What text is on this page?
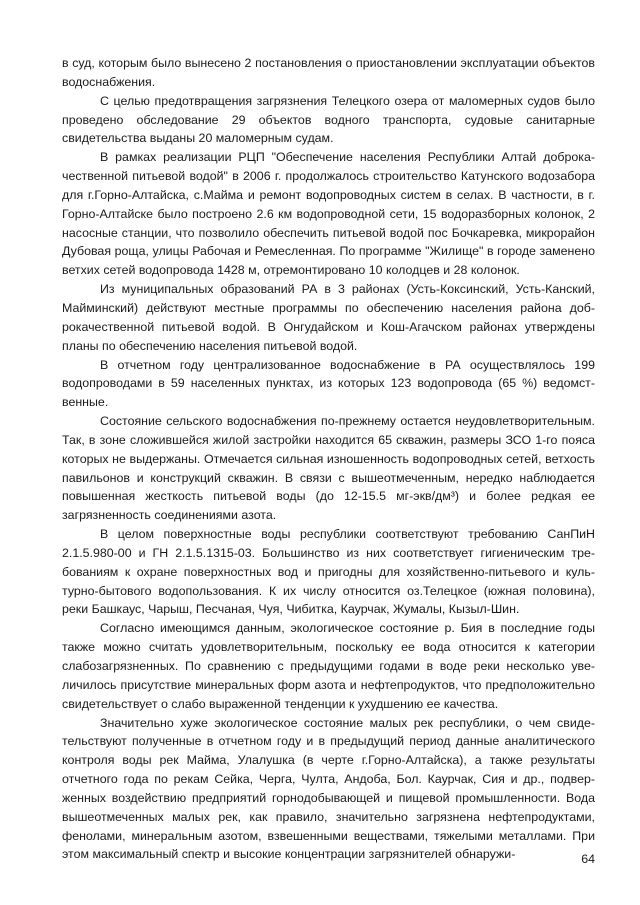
в суд, которым было вынесено 2 постановления о приостановлении эксплуатации объектов водоснабжения.

С целью предотвращения загрязнения Телецкого озера от маломерных судов было проведено обследование 29 объектов водного транспорта, судовые санитарные свидетельства выданы 20 маломерным судам.

В рамках реализации РЦП "Обеспечение населения Республики Алтай доброкачественной питьевой водой" в 2006 г. продолжалось строительство Катунского водозабора для г.Горно-Алтайска, с.Майма и ремонт водопроводных систем в селах. В частности, в г. Горно-Алтайске было построено 2.6 км водопроводной сети, 15 водоразборных колонок, 2 насосные станции, что позволило обеспечить питьевой водой пос Бочкаревка, микрорайон Дубовая роща, улицы Рабочая и Ремесленная. По программе "Жилище" в городе заменено ветхих сетей водопровода 1428 м, отремонтировано 10 колодцев и 28 колонок.

Из муниципальных образований РА в 3 районах (Усть-Коксинский, Усть-Канский, Майминский) действуют местные программы по обеспечению населения района доброкачественной питьевой водой. В Онгудайском и Кош-Агачском районах утверждены планы по обеспечению населения питьевой водой.

В отчетном году централизованное водоснабжение в РА осуществлялось 199 водопроводами в 59 населенных пунктах, из которых 123 водопровода (65 %) ведомственные.

Состояние сельского водоснабжения по-прежнему остается неудовлетворительным. Так, в зоне сложившейся жилой застройки находится 65 скважин, размеры ЗСО 1-го пояса которых не выдержаны. Отмечается сильная изношенность водопроводных сетей, ветхость павильонов и конструкций скважин. В связи с вышеотмеченным, нередко наблюдается повышенная жесткость питьевой воды (до 12-15.5 мг-экв/дм³) и более редкая ее загрязненность соединениями азота.

В целом поверхностные воды республики соответствуют требованию СанПиН 2.1.5.980-00 и ГН 2.1.5.1315-03. Большинство из них соответствует гигиеническим требованиям к охране поверхностных вод и пригодны для хозяйственно-питьевого и культурно-бытового водопользования. К их числу относится оз.Телецкое (южная половина), реки Башкаус, Чарыш, Песчаная, Чуя, Чибитка, Каурчак, Жумалы, Кызыл-Шин.

Согласно имеющимся данным, экологическое состояние р. Бия в последние годы также можно считать удовлетворительным, поскольку ее вода относится к категории слабозагрязненных. По сравнению с предыдущими годами в воде реки несколько увеличилось присутствие минеральных форм азота и нефтепродуктов, что предположительно свидетельствует о слабо выраженной тенденции к ухудшению ее качества.

Значительно хуже экологическое состояние малых рек республики, о чем свидетельствуют полученные в отчетном году и в предыдущий период данные аналитического контроля воды рек Майма, Улалушка (в черте г.Горно-Алтайска), а также результаты отчетного года по рекам Сейка, Черга, Чулта, Андоба, Бол. Каурчак, Сия и др., подверженных воздействию предприятий горнодобывающей и пищевой промышленности. Вода вышеотмеченных малых рек, как правило, значительно загрязнена нефтепродуктами, фенолами, минеральным азотом, взвешенными веществами, тяжелыми металлами. При этом максимальный спектр и высокие концентрации загрязнителей обнаружи-	64
